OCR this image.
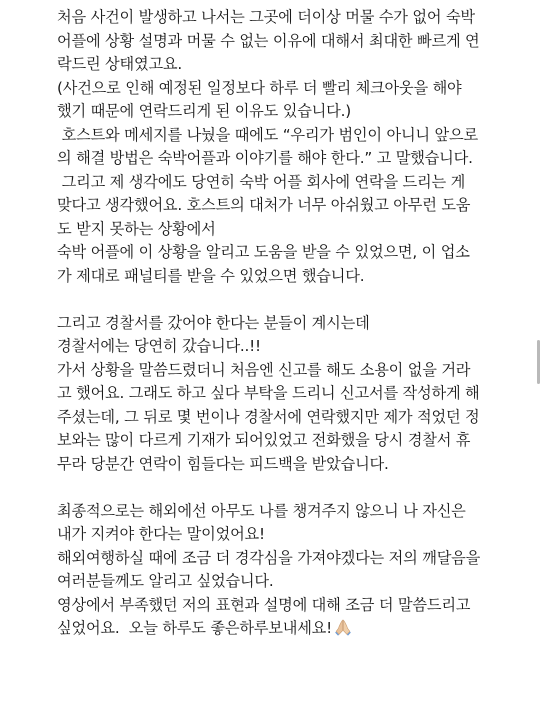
처음 사건이 발생하고 나서는 그곳에 더이상 머물 수가 없어 숙박
어플에 상황 설명과 머물 수 없는 이유에 대해서 최대한 빠르게 연
락드린 상태였고요.
(사건으로 인해 예정된 일정보다 하루 더 빨리 체크아웃을 해야
했기 때문에 연락드리게 된 이유도 있습니다.)
호스트와 메세지를 나눴을 때에도 “우리가 범인이 아니니 앞으로
의 해결 방법은 숙박어플과 이야기를 해야 한다.” 고 말했습니다.
그리고 제 생각에도 당연히 숙박 어플 회사에 연락을 드리는 게
맞다고 생각했어요. 호스트의 대처가 너무 아쉬웠고 아무런 도움
도 받지 못하는 상황에서
숙박 어플에 이 상황을 알리고 도움을 받을 수 있었으면, 이 업소
가 제대로 패널티를 받을 수 있었으면 했습니다.
그리고 경찰서를 갔어야 한다는 분들이 계시는데
경찰서에는 당연히 갔습니다..!!
가서 상황을 말씀드렸더니 처음엔 신고를 해도 소용이 없을 거라
고 했어요. 그래도 하고 싶다 부탁을 드리니 신고서를 작성하게 해
주셨는데, 그 뒤로 몇 번이나 경찰서에 연락했지만 제가 적었던 정
보와는 많이 다르게 기재가 되어있었고 전화했을 당시 경찰서 휴
무라 당분간 연락이 힘들다는 피드백을 받았습니다.
최종적으로는 해외에선 아무도 나를 챙겨주지 않으니 나 자신은
내가 지켜야 한다는 말이었어요!
해외여행하실 때에 조금 더 경각심을 가져야겠다는 저의 깨달음을
여러분들께도 알리고 싶었습니다.
영상에서 부족했던 저의 표현과 설명에 대해 조금 더 말씀드리고
싶었어요.  오늘 하루도 좋은하루보내세요!
